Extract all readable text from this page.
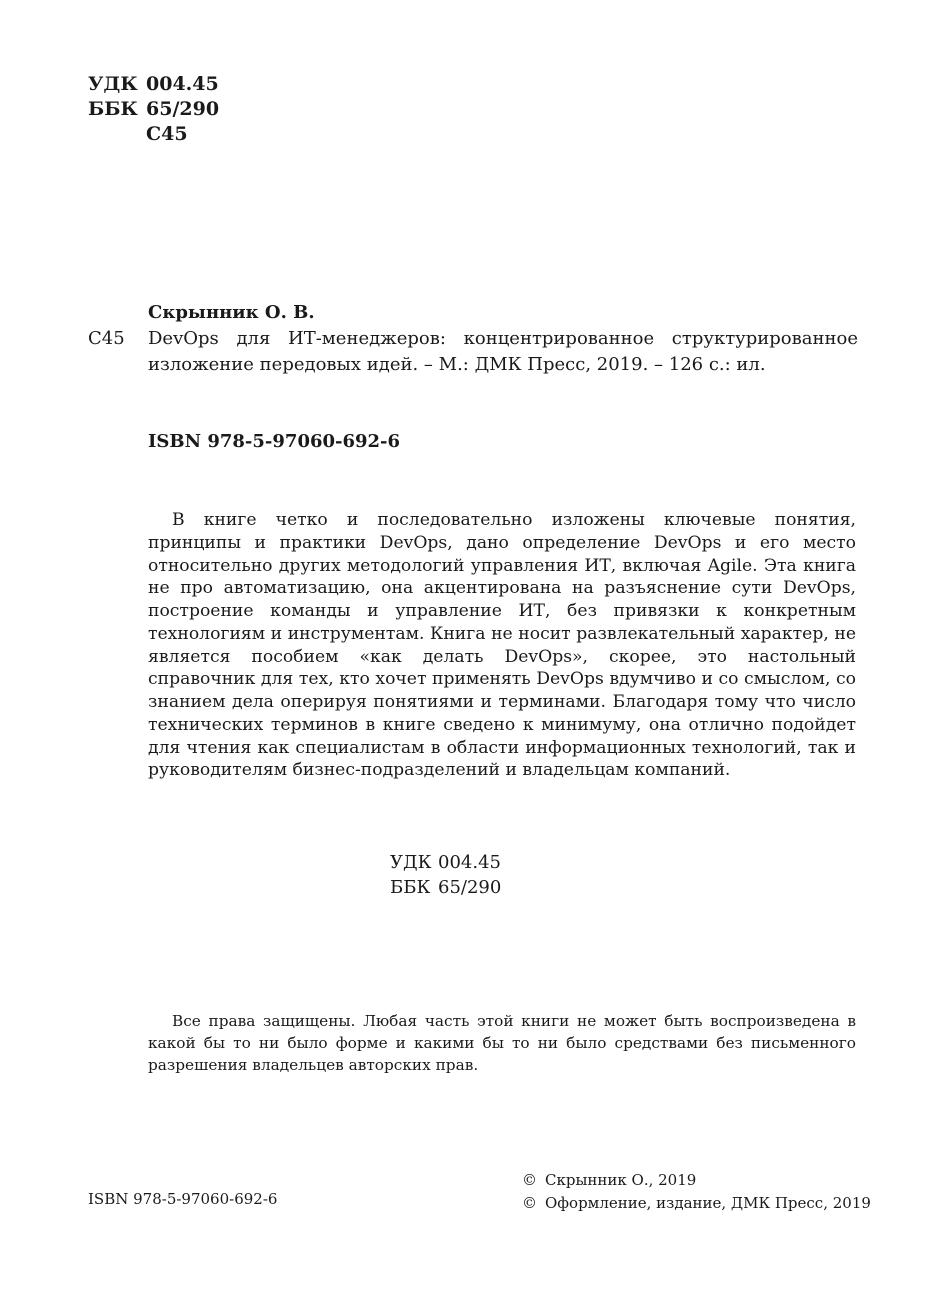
УДК 004.45
ББК 65/290
С45
Скрынник О. В.
С45 DevOps для ИТ-менеджеров: концентрированное структурированное изложение передовых идей. – М.: ДМК Пресс, 2019. – 126 с.: ил.
ISBN 978-5-97060-692-6
В книге четко и последовательно изложены ключевые понятия, принципы и практики DevOps, дано определение DevOps и его место относительно других методологий управления ИТ, включая Agile. Эта книга не про автоматизацию, она акцентирована на разъяснение сути DevOps, построение команды и управление ИТ, без привязки к конкретным технологиям и инструментам. Книга не носит развлекательный характер, не является пособием «как делать DevOps», скорее, это настольный справочник для тех, кто хочет применять DevOps вдумчиво и со смыслом, со знанием дела оперируя понятиями и терминами. Благодаря тому что число технических терминов в книге сведено к минимуму, она отлично подойдет для чтения как специалистам в области информационных технологий, так и руководителям бизнес-подразделений и владельцам компаний.
УДК 004.45
ББК 65/290
Все права защищены. Любая часть этой книги не может быть воспроизведена в какой бы то ни было форме и какими бы то ни было средствами без письменного разрешения владельцев авторских прав.
ISBN 978-5-97060-692-6
© Скрынник О., 2019
© Оформление, издание, ДМК Пресс, 2019
